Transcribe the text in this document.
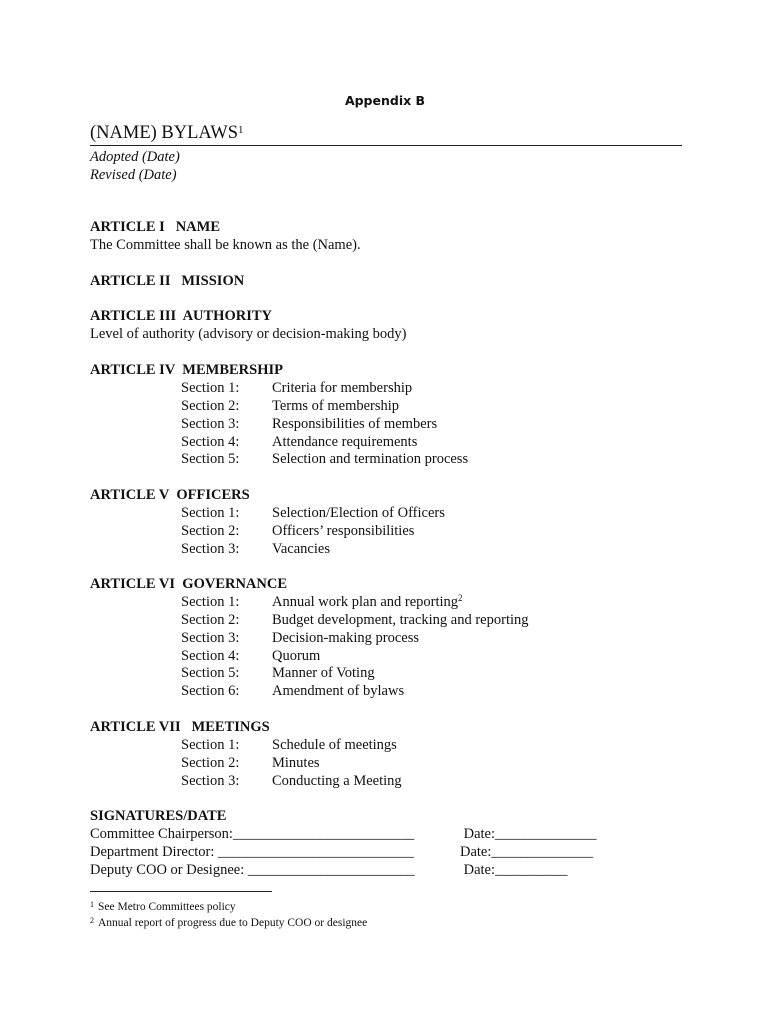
Appendix B
(NAME) BYLAWS$^1$
Adopted (Date)
Revised (Date)
ARTICLE I   NAME
The Committee shall be known as the (Name).
ARTICLE II   MISSION
ARTICLE III  AUTHORITY
Level of authority (advisory or decision-making body)
ARTICLE IV  MEMBERSHIP
Section 1:	Criteria for membership
Section 2:	Terms of membership
Section 3:	Responsibilities of members
Section 4:	Attendance requirements
Section 5:	Selection and termination process
ARTICLE V  OFFICERS
Section 1:	Selection/Election of Officers
Section 2:	Officers’ responsibilities
Section 3:	Vacancies
ARTICLE VI  GOVERNANCE
Section 1:	Annual work plan and reporting$^2$
Section 2:	Budget development, tracking and reporting
Section 3:	Decision-making process
Section 4:	Quorum
Section 5:	Manner of Voting
Section 6:	Amendment of bylaws
ARTICLE VII   MEETINGS
Section 1:	Schedule of meetings
Section 2:	Minutes
Section 3:	Conducting a Meeting
SIGNATURES/DATE
Committee Chairperson:_________________________	Date:______________
Department Director: ___________________________	Date:______________
Deputy COO or Designee: _______________________	Date:__________
$^1$ See Metro Committees policy
$^2$ Annual report of progress due to Deputy COO or designee
